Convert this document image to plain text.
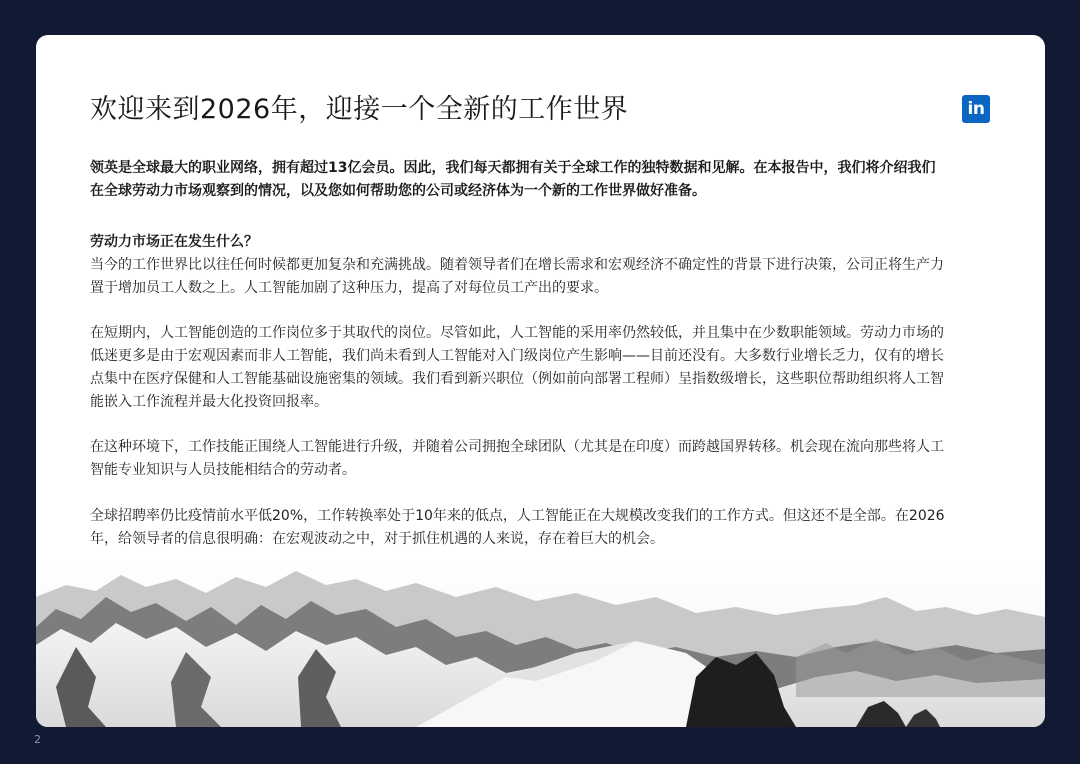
欢迎来到2026年，迎接一个全新的工作世界	in

领英是全球最大的职业网络，拥有超过13亿会员。因此，我们每天都拥有关于全球工作的独特数据和见解。在本报告中，我们将介绍我们在全球劳动力市场观察到的情况，以及您如何帮助您的公司或经济体为一个新的工作世界做好准备。

劳动力市场正在发生什么？

当今的工作世界比以往任何时候都更加复杂和充满挑战。随着领导者们在增长需求和宏观经济不确定性的背景下进行决策，公司正将生产力置于增加员工人数之上。人工智能加剧了这种压力，提高了对每位员工产出的要求。

在短期内，人工智能创造的工作岗位多于其取代的岗位。尽管如此，人工智能的采用率仍然较低，并且集中在少数职能领域。劳动力市场的低迷更多是由于宏观因素而非人工智能，我们尚未看到人工智能对入门级岗位产生影响——目前还没有。大多数行业增长乏力，仅有的增长点集中在医疗保健和人工智能基础设施密集的领域。我们看到新兴职位（例如前向部署工程师）呈指数级增长，这些职位帮助组织将人工智能嵌入工作流程并最大化投资回报率。

在这种环境下，工作技能正围绕人工智能进行升级，并随着公司拥抱全球团队（尤其是在印度）而跨越国界转移。机会现在流向那些将人工智能专业知识与人员技能相结合的劳动者。

全球招聘率仍比疫情前水平低20%，工作转换率处于10年来的低点，人工智能正在大规模改变我们的工作方式。但这还不是全部。在2026年，给领导者的信息很明确：在宏观波动之中，对于抓住机遇的人来说，存在着巨大的机会。

2
